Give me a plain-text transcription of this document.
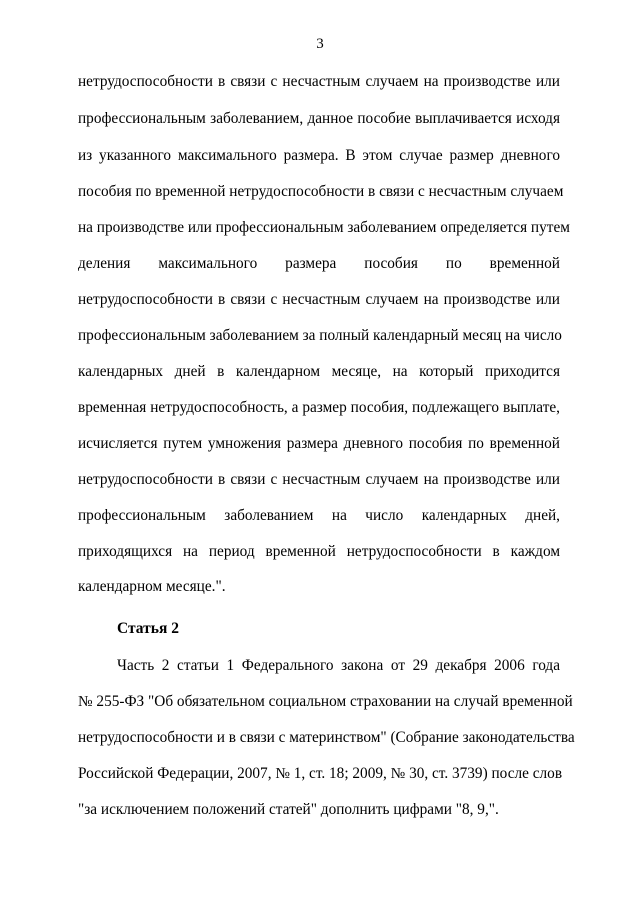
3
нетрудоспособности в связи с несчастным случаем на производстве или
профессиональным заболеванием, данное пособие выплачивается исходя
из указанного максимального размера. В этом случае размер дневного
пособия по временной нетрудоспособности в связи с несчастным случаем
на производстве или профессиональным заболеванием определяется путем
деления максимального размера пособия по временной
нетрудоспособности в связи с несчастным случаем на производстве или
профессиональным заболеванием за полный календарный месяц на число
календарных дней в календарном месяце, на который приходится
временная нетрудоспособность, а размер пособия, подлежащего выплате,
исчисляется путем умножения размера дневного пособия по временной
нетрудоспособности в связи с несчастным случаем на производстве или
профессиональным заболеванием на число календарных дней,
приходящихся на период временной нетрудоспособности в каждом
календарном месяце.".
Статья 2
Часть 2 статьи 1 Федерального закона от 29 декабря 2006 года
№ 255-ФЗ "Об обязательном социальном страховании на случай временной
нетрудоспособности и в связи с материнством" (Собрание законодательства
Российской Федерации, 2007, № 1, ст. 18; 2009, № 30, ст. 3739) после слов
"за исключением положений статей" дополнить цифрами "8, 9,".
